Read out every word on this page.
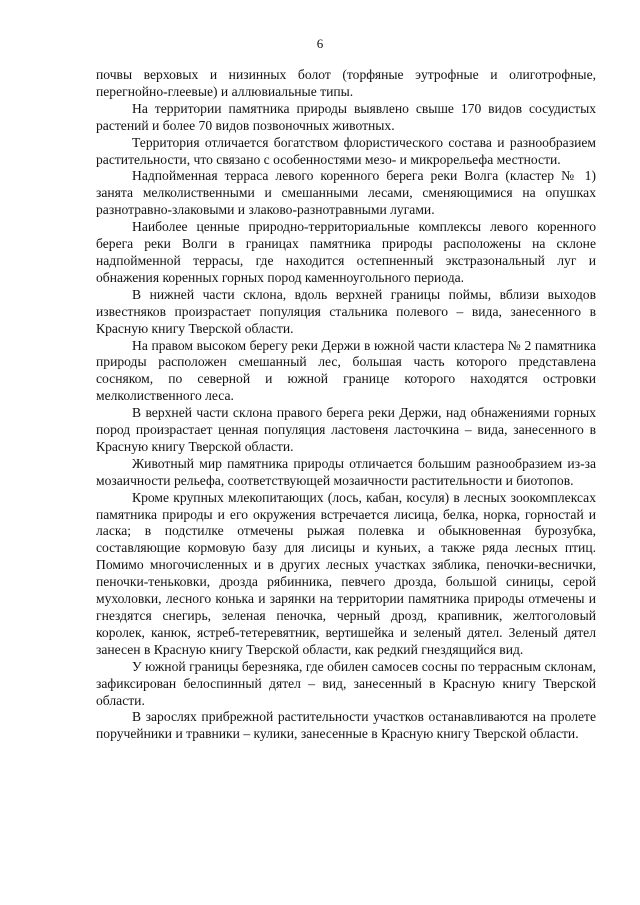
6

почвы верховых и низинных болот (торфяные эутрофные и олиготрофные, перегнойно-глеевые) и аллювиальные типы.

На территории памятника природы выявлено свыше 170 видов сосудистых растений и более 70 видов позвоночных животных.

Территория отличается богатством флористического состава и разнообразием растительности, что связано с особенностями мезо- и микрорельефа местности.

Надпойменная терраса левого коренного берега реки Волга (кластер № 1) занята мелколиственными и смешанными лесами, сменяющимися на опушках разнотравно-злаковыми и злаково-разнотравными лугами.

Наиболее ценные природно-территориальные комплексы левого коренного берега реки Волги в границах памятника природы расположены на склоне надпойменной террасы, где находится остепненный экстразональный луг и обнажения коренных горных пород каменноугольного периода.

В нижней части склона, вдоль верхней границы поймы, вблизи выходов известняков произрастает популяция стальника полевого – вида, занесенного в Красную книгу Тверской области.

На правом высоком берегу реки Держи в южной части кластера № 2 памятника природы расположен смешанный лес, большая часть которого представлена сосняком, по северной и южной границе которого находятся островки мелколиственного леса.

В верхней части склона правого берега реки Держи, над обнажениями горных пород произрастает ценная популяция ластовеня ласточкина – вида, занесенного в Красную книгу Тверской области.

Животный мир памятника природы отличается большим разнообразием из-за мозаичности рельефа, соответствующей мозаичности растительности и биотопов.

Кроме крупных млекопитающих (лось, кабан, косуля) в лесных зоокомплексах памятника природы и его окружения встречается лисица, белка, норка, горностай и ласка; в подстилке отмечены рыжая полевка и обыкновенная бурозубка, составляющие кормовую базу для лисицы и куньих, а также ряда лесных птиц. Помимо многочисленных и в других лесных участках зяблика, пеночки-веснички, пеночки-теньковки, дрозда рябинника, певчего дрозда, большой синицы, серой мухоловки, лесного конька и зарянки на территории памятника природы отмечены и гнездятся снегирь, зеленая пеночка, черный дрозд, крапивник, желтоголовый королек, канюк, ястреб-тетеревятник, вертишейка и зеленый дятел. Зеленый дятел занесен в Красную книгу Тверской области, как редкий гнездящийся вид.

У южной границы березняка, где обилен самосев сосны по террасным склонам, зафиксирован белоспинный дятел – вид, занесенный в Красную книгу Тверской области.

В зарослях прибрежной растительности участков останавливаются на пролете поручейники и травники – кулики, занесенные в Красную книгу Тверской области.
